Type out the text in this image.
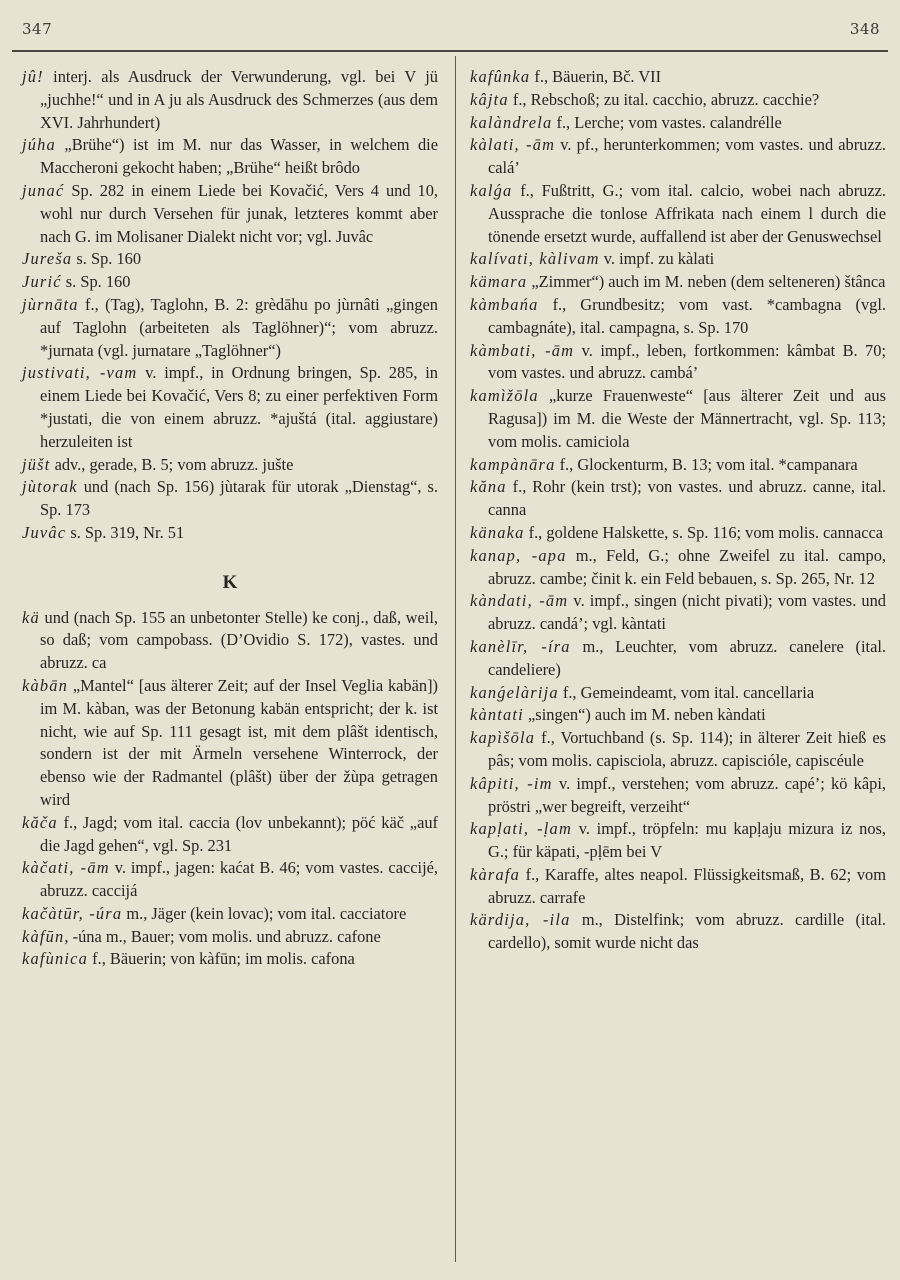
347	348

jû! interj. als Ausdruck der Verwunderung, vgl. bei V jü „juchhe!“ und in A ju als Ausdruck des Schmerzes (aus dem XVI. Jahrhundert)

júha „Brühe“) ist im M. nur das Wasser, in welchem die Maccheroni gekocht haben; „Brühe“ heißt brôdo

junać Sp. 282 in einem Liede bei Kovačić, Vers 4 und 10, wohl nur durch Versehen für junak, letzteres kommt aber nach G. im Molisaner Dialekt nicht vor; vgl. Juvâc

Jureša s. Sp. 160

Jurić s. Sp. 160

jùrnāta f., (Tag), Taglohn, B. 2: grèdāhu po jùrnâti „gingen auf Taglohn (arbeiteten als Taglöhner)“; vom abruzz. *jurnata (vgl. jurnatare „Taglöhner“)

justivati, -vam v. impf., in Ordnung bringen, Sp. 285, in einem Liede bei Kovačić, Vers 8; zu einer perfektiven Form *justati, die von einem abruzz. *ajuštá (ital. aggiustare) herzuleiten ist

jüšt adv., gerade, B. 5; vom abruzz. jušte

jùtorak und (nach Sp. 156) jùtarak für utorak „Dienstag“, s. Sp. 173

Juvâc s. Sp. 319, Nr. 51

K

kä und (nach Sp. 155 an unbetonter Stelle) ke conj., daß, weil, so daß; vom campobass. (D’Ovidio S. 172), vastes. und abruzz. ca

kàbān „Mantel“ [aus älterer Zeit; auf der Insel Veglia kabän]) im M. kàban, was der Betonung kabän entspricht; der k. ist nicht, wie auf Sp. 111 gesagt ist, mit dem plâšt identisch, sondern ist der mit Ärmeln versehene Winterrock, der ebenso wie der Radmantel (plâšt) über der žùpa getragen wird

kăča f., Jagd; vom ital. caccia (lov unbekannt); pöć käč „auf die Jagd gehen“, vgl. Sp. 231

kàčati, -ām v. impf., jagen: kaćat B. 46; vom vastes. caccijé, abruzz. caccijá

kačàtūr, -úra m., Jäger (kein lovac); vom ital. cacciatore

kàfūn, -úna m., Bauer; vom molis. und abruzz. cafone

kafùnica f., Bäuerin; von kàfūn; im molis. cafona

kafûnka f., Bäuerin, Bč. VII

kâjta f., Rebschoß; zu ital. cacchio, abruzz. cacchie?

kalàndrela f., Lerche; vom vastes. calandrélle

kàlati, -ām v. pf., herunterkommen; vom vastes. und abruzz. calá’

kalǵa f., Fußtritt, G.; vom ital. calcio, wobei nach abruzz. Aussprache die tonlose Affrikata nach einem l durch die tönende ersetzt wurde, auffallend ist aber der Genuswechsel

kalívati, kàlivam v. impf. zu kàlati

kämara „Zimmer“) auch im M. neben (dem selteneren) štânca

kàmbańa f., Grundbesitz; vom vast. *cambagna (vgl. cambagnáte), ital. campagna, s. Sp. 170

kàmbati, -ām v. impf., leben, fortkommen: kâmbat B. 70; vom vastes. und abruzz. cambá’

kamìžōla „kurze Frauenweste“ [aus älterer Zeit und aus Ragusa]) im M. die Weste der Männertracht, vgl. Sp. 113; vom molis. camiciola

kampànāra f., Glockenturm, B. 13; vom ital. *campanara

kăna f., Rohr (kein trst); von vastes. und abruzz. canne, ital. canna

känaka f., goldene Halskette, s. Sp. 116; vom molis. cannacca

kanap, -apa m., Feld, G.; ohne Zweifel zu ital. campo, abruzz. cambe; činit k. ein Feld bebauen, s. Sp. 265, Nr. 12

kàndati, -ām v. impf., singen (nicht pivati); vom vastes. und abruzz. candá’; vgl. kàntati

kanèlīr, -íra m., Leuchter, vom abruzz. canelere (ital. candeliere)

kanǵelàrija f., Gemeindeamt, vom ital. cancellaria

kàntati „singen“) auch im M. neben kàndati

kapìšōla f., Vortuchband (s. Sp. 114); in älterer Zeit hieß es pâs; vom molis. capisciola, abruzz. capiscióle, capiscéule

kâpiti, -im v. impf., verstehen; vom abruzz. capé’; kö kâpi, pröstri „wer begreift, verzeiht“

kapḷati, -ḷam v. impf., tröpfeln: mu kapḷaju mizura iz nos, G.; für käpati, -pḷēm bei V

kàrafa f., Karaffe, altes neapol. Flüssigkeitsmaß, B. 62; vom abruzz. carrafe

kärdija, -ila m., Distelfink; vom abruzz. cardille (ital. cardello), somit wurde nicht das
